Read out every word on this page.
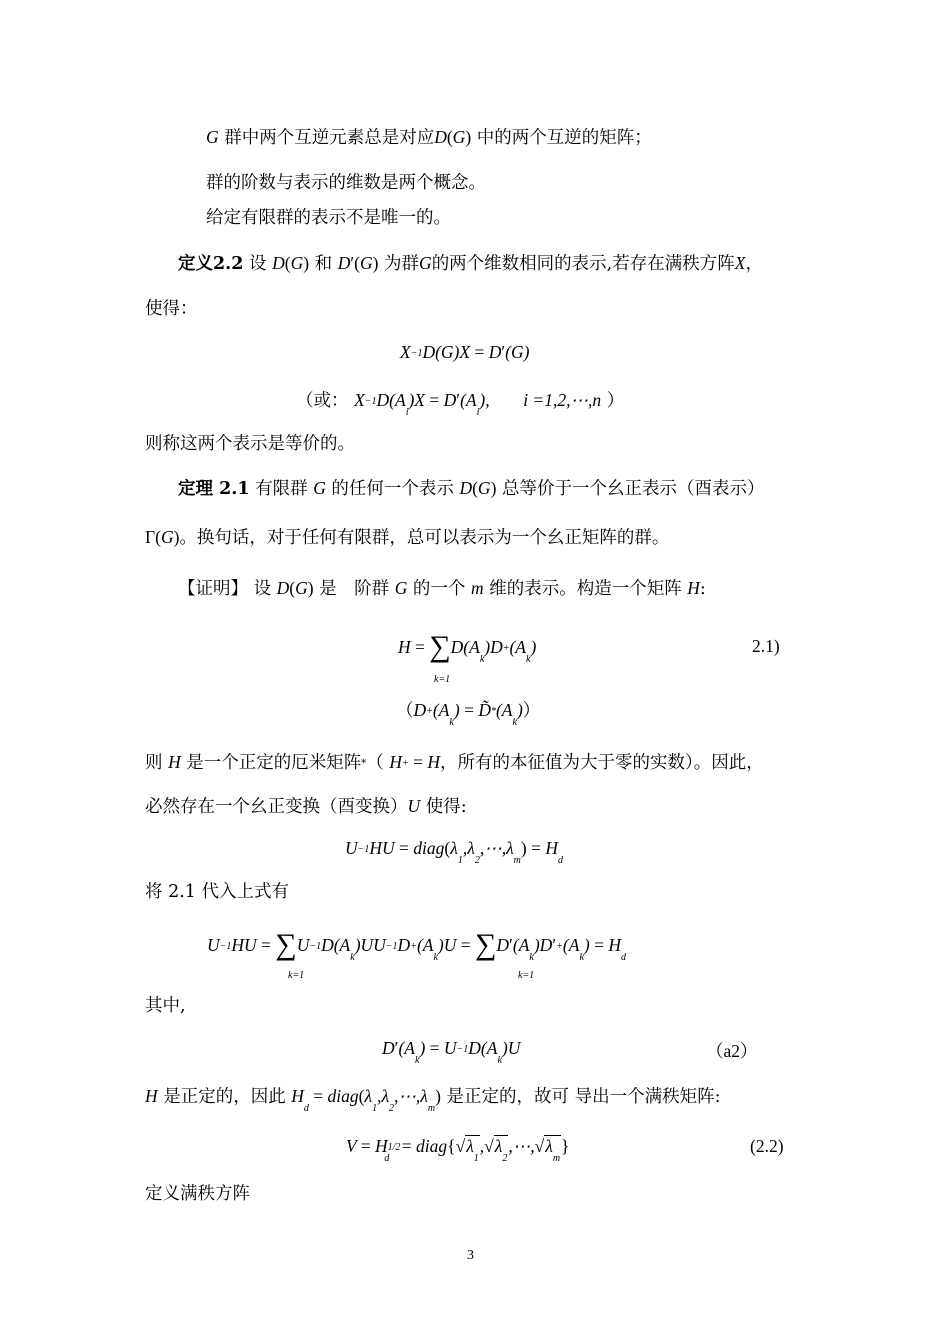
G 群中两个互逆元素总是对应D(G) 中的两个互逆的矩阵；
群的阶数与表示的维数是两个概念。
给定有限群的表示不是唯一的。
定义2.2 设 D(G) 和 D′(G) 为群G的两个维数相同的表示,若存在满秩方阵X，
使得：
X−1D(G)X = D′(G)
（或： $X-1D(A_i)X = D'(A_i)$, i =1,2,⋯,n ）
则称这两个表示是等价的。
定理 2.1 有限群 G 的任何一个表示 D(G) 总等价于一个幺正表示（酉表示）
Γ(G)。换句话，对于任何有限群，总可以表示为一个幺正矩阵的群。
【证明】 设 D(G) 是　阶群 G 的一个 m 维的表示。构造一个矩阵 H:
$H = \sum D(A_k)D+(A_k)$
k=1
2.1)
（$D+(A_k)$ = $D̃*(A_k)$）
则 H 是一个正定的厄米矩阵*（ H+ = H，所有的本征值为大于零的实数）。因此，
必然存在一个幺正变换（酉变换）U 使得:
$U-1HU = diag(\lambda_1,\lambda_2,\cdots,\lambda_m) = H_d$
将 2.1 代入上式有
$U-1HU = \sum U-1D(A_k)UU-1D+(A_k)U = \sum D'(A_k)D'+(A_k) = H_d$
k=1	k=1
其中,
$D'(A_k) = U-1D(A_k)U$	（a2）
H 是正定的，因此 $H_d$ = $diag(\lambda_1,\lambda_2,\cdots,\lambda_m)$ 是正定的，故可 导出一个满秩矩阵:
$V = H1/2_d$ = $diag\{√\lambda_1,√\lambda_2,\cdots,√\lambda_m\}$	(2.2)
定义满秩方阵
3
